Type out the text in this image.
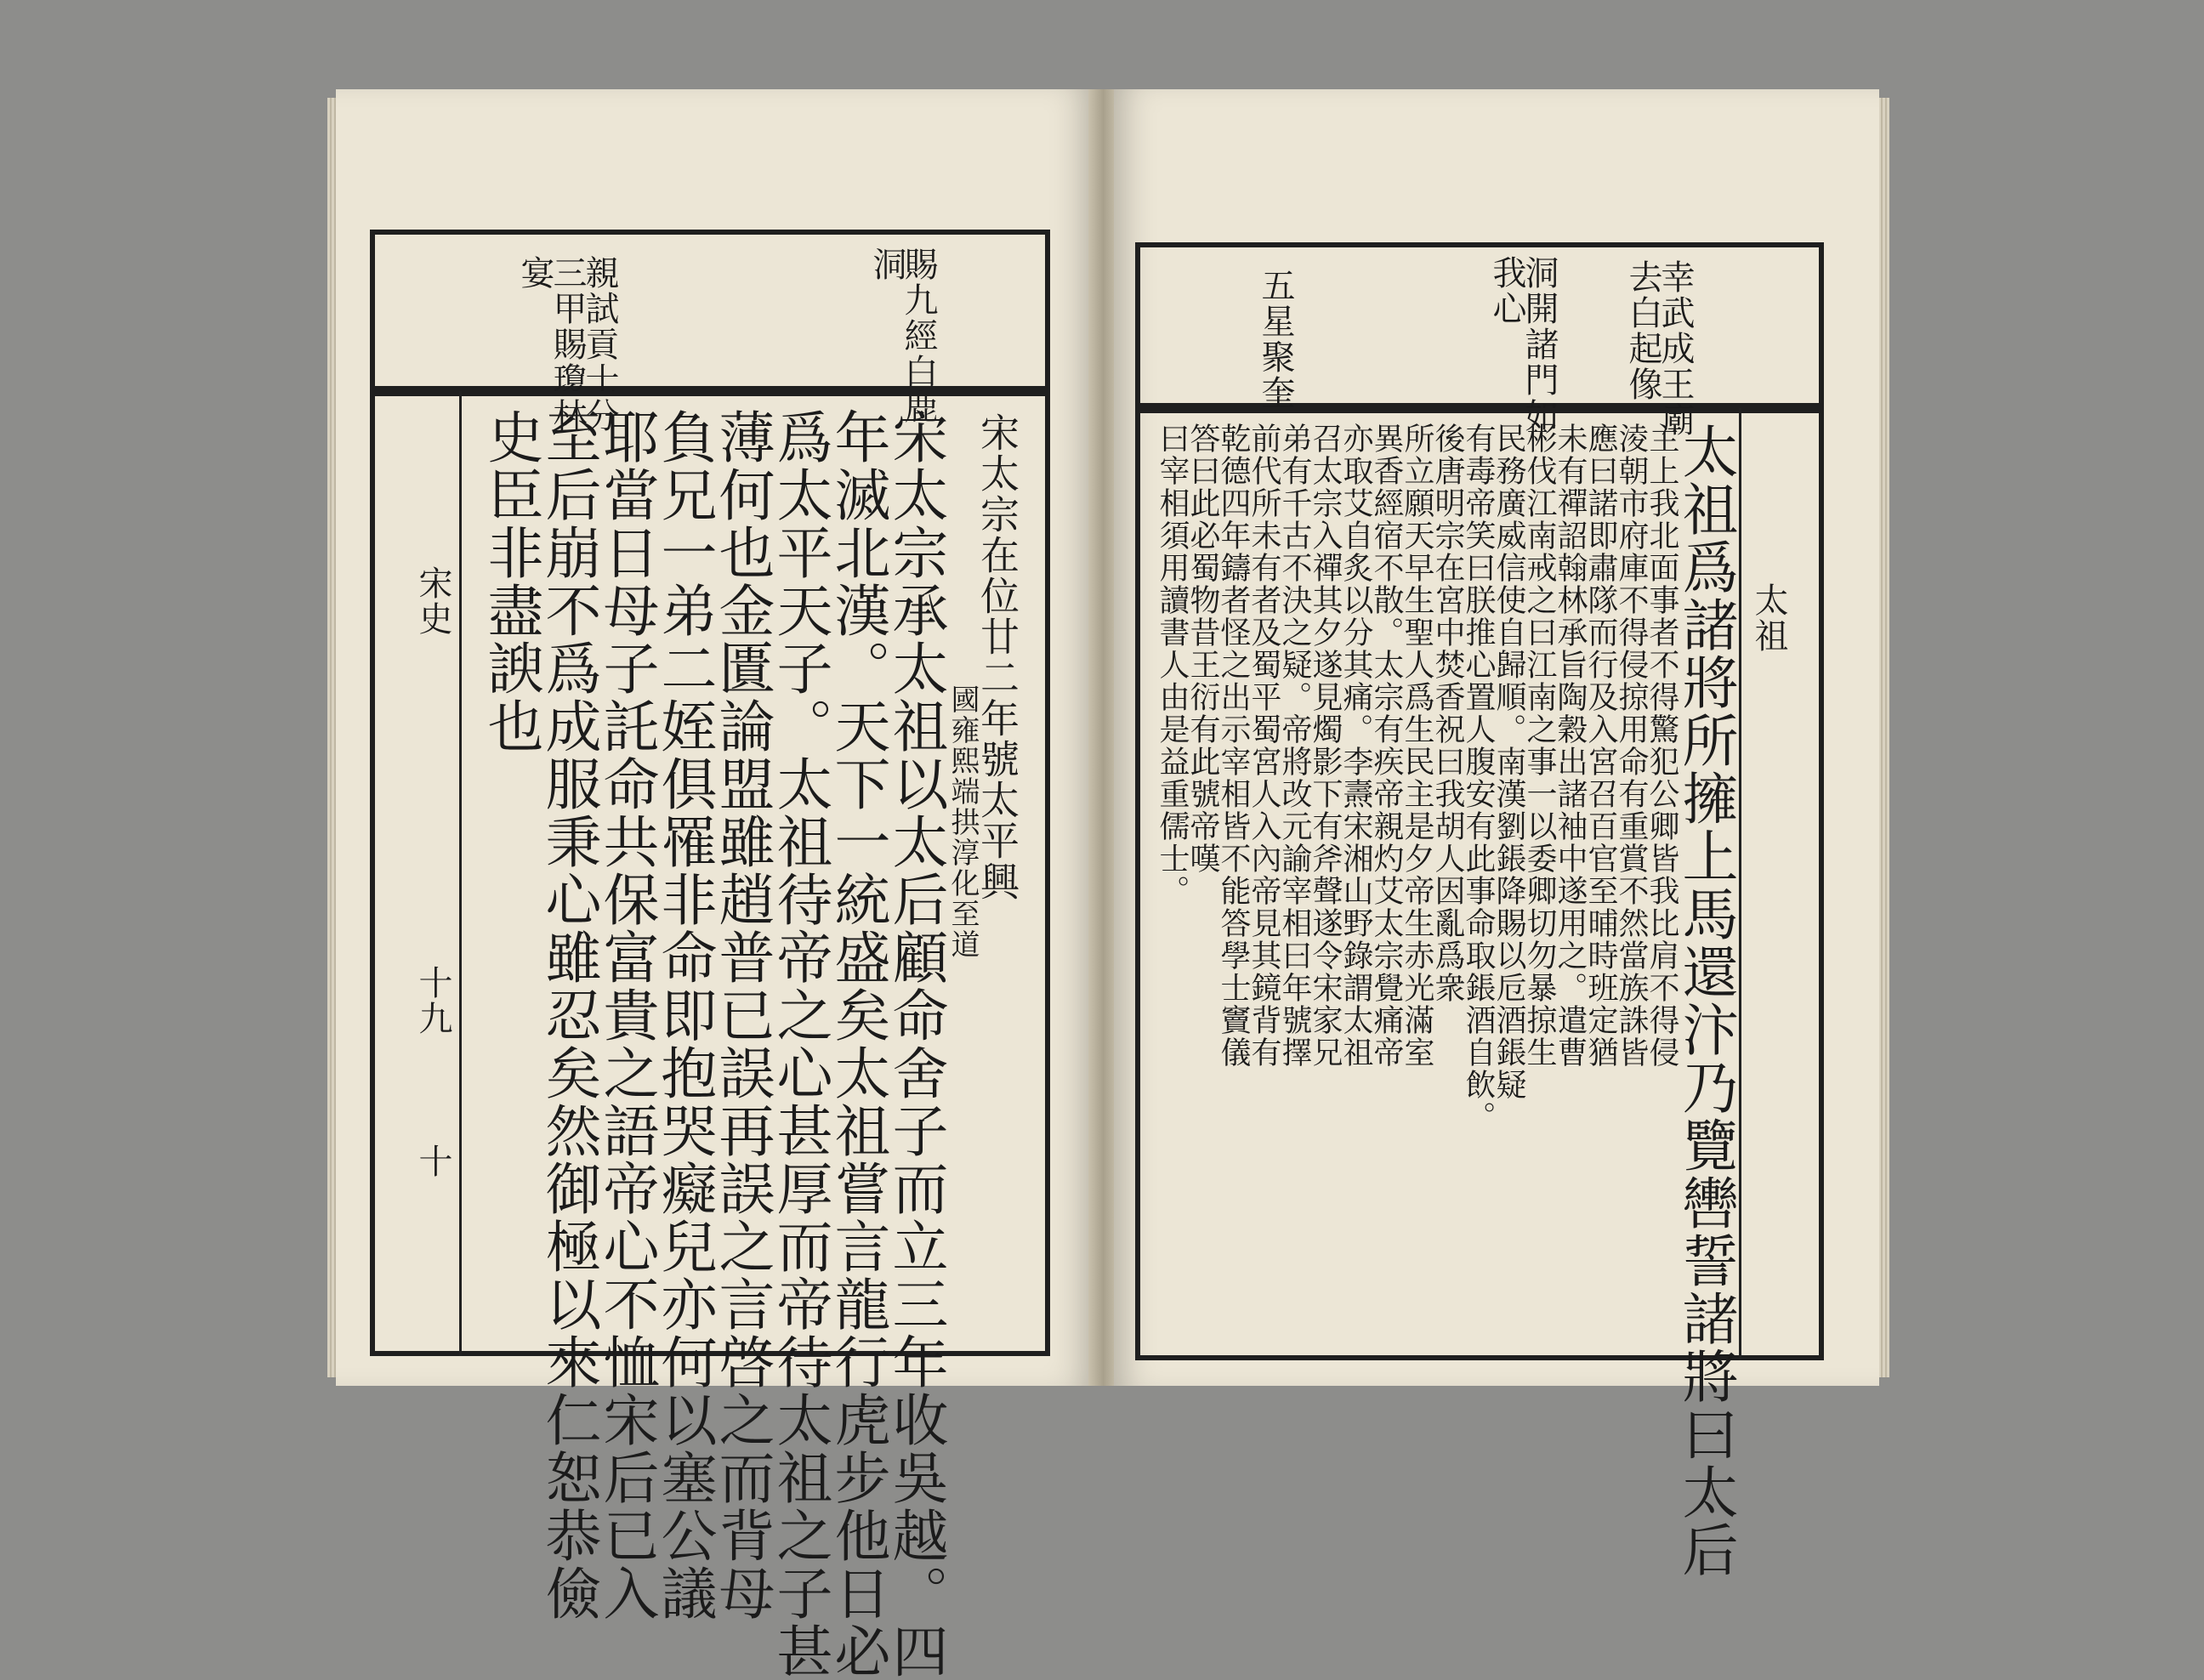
賜九經白鹿
洞
親試貢士分
三甲賜瓊林
宴
宋史
十九
十
宋太宗在位廿二年號太平興
國雍熙端拱淳化至道
宋太宗承太祖以太后顧命舍子而立三年收吳越。四
年滅北漢。天下一統盛矣太祖嘗言龍行虎步他日必
爲太平天子。太祖待帝之心甚厚而帝待太祖之子甚
薄何也金匱論盟雖趙普已誤再誤之言啓之而背母
負兄一弟二姪俱罹非命即抱哭癡兒亦何以塞公議
耶當日母子託命共保富貴之語帝心不恤宋后已入
至后崩不爲成服秉心雖忍矣然御極以來仁恕恭儉
史臣非盡諛也
幸武成王廟
去白起像
洞開諸門如
我心
五星聚奎
太祖
太祖爲諸將所擁上馬還汴乃覽轡誓諸將曰太后
主上我北面事者不得驚犯公卿皆我比肩不得侵
淩朝市府庫不得侵掠用命有重賞不然當族誅皆
應曰諾即肅隊而行及入宮召百官至晡時班定猶
未有禪詔翰林承旨陶穀出諸袖中遂用之。遣曹
彬伐江南戒之曰江南之事一以委卿切勿暴掠生
民務廣威信使自歸順。南漢劉鋹降賜以卮酒鋹疑
有毒帝笑曰朕推心置人腹安有此事命取鋹酒自飲。
後唐明宗在宮中焚香祝曰我胡人因亂爲衆
所立願天早生聖人爲生民主是夕帝生赤光滿室
異香經宿不散。太宗有疾帝親灼艾太宗覺痛帝
亦取艾自炙以分其痛。李燾宋湘山野錄謂太祖
召太宗入禪其夕遂見燭影下有斧聲遂令宋家兄
弟有千古不決之疑。帝將改元諭宰相曰年號擇
前代所未有者及蜀平蜀宮人入內帝見其鏡背有
乾德四年鑄者怪之出示宰相皆不能答學士竇儀
答曰此必蜀物昔王衍有此號帝嘆
曰宰相須用讀書人由是益重儒士。
